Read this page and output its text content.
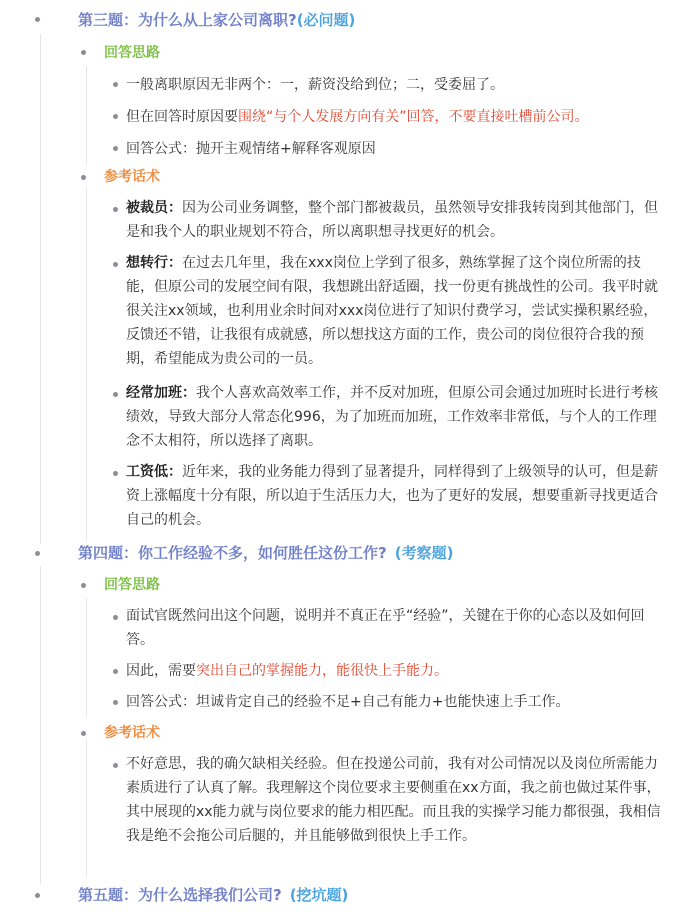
第三题：为什么从上家公司离职?(必问题)
回答思路
一般离职原因无非两个：一，薪资没给到位；二，受委屈了。
但在回答时原因要围绕“与个人发展方向有关”回答，不要直接吐槽前公司。
回答公式：抛开主观情绪+解释客观原因
参考话术
被裁员：因为公司业务调整，整个部门都被裁员，虽然领导安排我转岗到其他部门，但是和我个人的职业规划不符合，所以离职想寻找更好的机会。
想转行：在过去几年里，我在xxx岗位上学到了很多，熟练掌握了这个岗位所需的技能，但原公司的发展空间有限，我想跳出舒适圈，找一份更有挑战性的公司。我平时就很关注xx领域，也利用业余时间对xxx岗位进行了知识付费学习，尝试实操积累经验，反馈还不错，让我很有成就感，所以想找这方面的工作，贵公司的岗位很符合我的预期，希望能成为贵公司的一员。
经常加班：我个人喜欢高效率工作，并不反对加班，但原公司会通过加班时长进行考核绩效，导致大部分人常态化996，为了加班而加班，工作效率非常低，与个人的工作理念不太相符，所以选择了离职。
工资低：近年来，我的业务能力得到了显著提升，同样得到了上级领导的认可，但是薪资上涨幅度十分有限，所以迫于生活压力大，也为了更好的发展，想要重新寻找更适合自己的机会。
第四题：你工作经验不多，如何胜任这份工作? (考察题)
回答思路
面试官既然问出这个问题，说明并不真正在乎“经验”，关键在于你的心态以及如何回答。
因此，需要突出自己的掌握能力，能很快上手能力。
回答公式：坦诚肯定自己的经验不足+自己有能力+也能快速上手工作。
参考话术
不好意思，我的确欠缺相关经验。但在投递公司前，我有对公司情况以及岗位所需能力素质进行了认真了解。我理解这个岗位要求主要侧重在xx方面，我之前也做过某件事，其中展现的xx能力就与岗位要求的能力相匹配。而且我的实操学习能力都很强，我相信我是绝不会拖公司后腿的，并且能够做到很快上手工作。
第五题：为什么选择我们公司? (挖坑题)
